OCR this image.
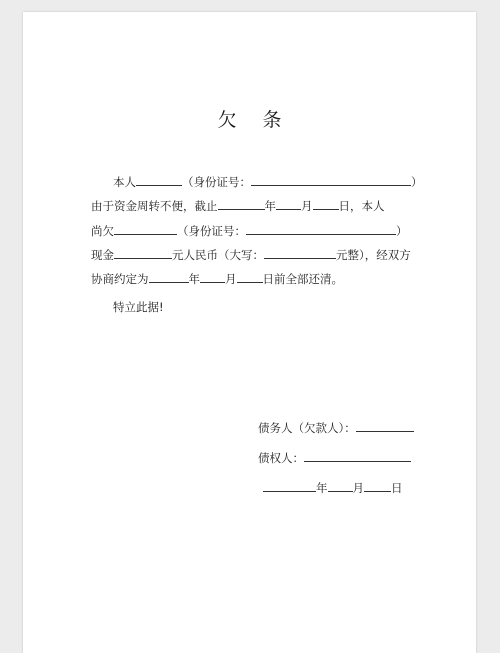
欠 条
本人	（身份证号：	）
由于资金周转不便，截止	年 月 日，本人
尚欠	（身份证号：	）
现金	元人民币（大写：	元整），经双方
协商约定为	年 月 日前全部还清。
特立此据!
债务人（欠款人）：
债权人：
年 月 日
